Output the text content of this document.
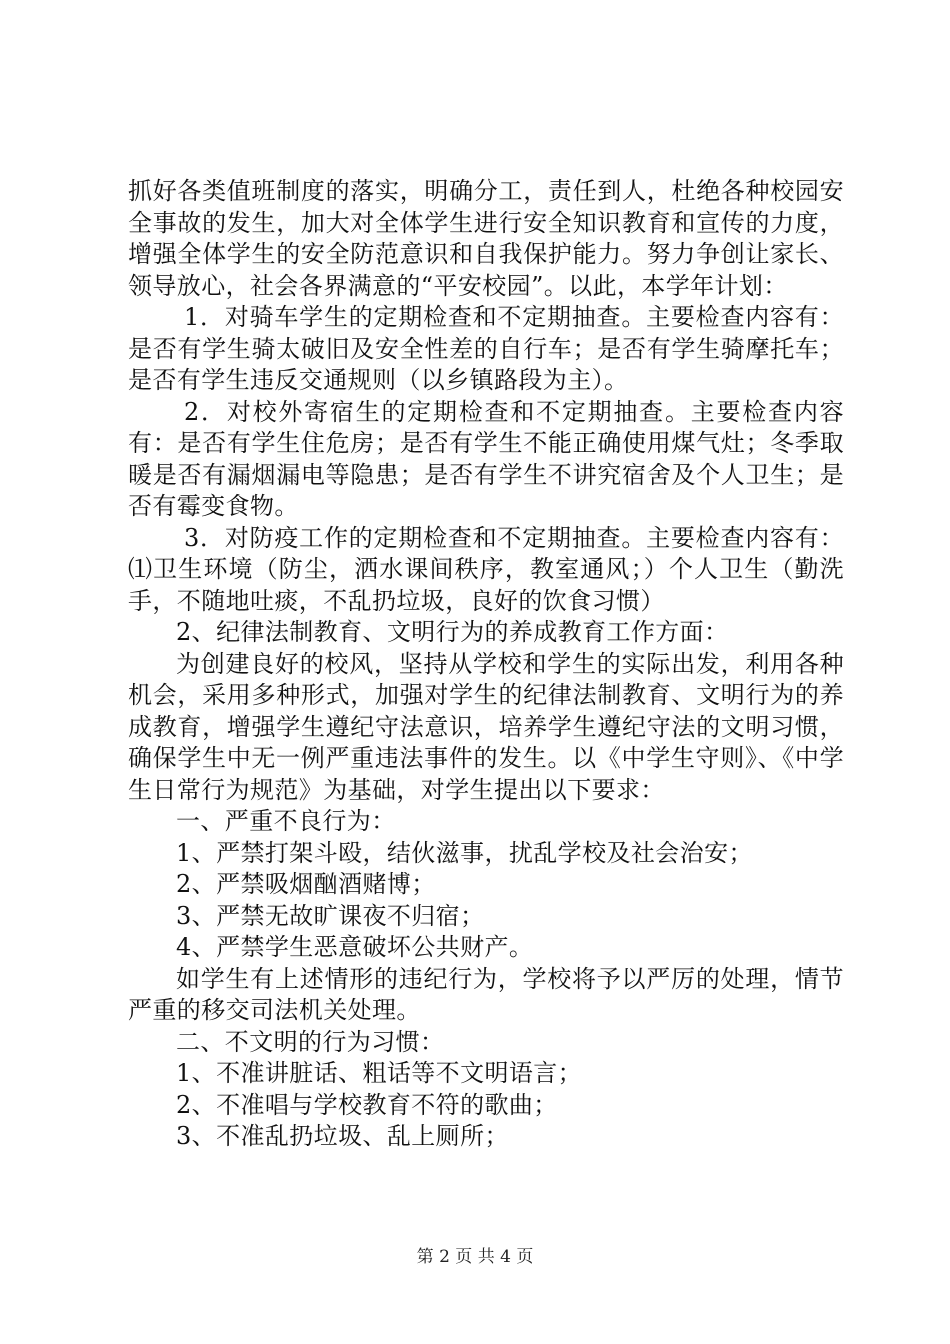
抓好各类值班制度的落实，明确分工，责任到人，杜绝各种校园安全事故的发生，加大对全体学生进行安全知识教育和宣传的力度，增强全体学生的安全防范意识和自我保护能力。努力争创让家长、领导放心，社会各界满意的“平安校园”。以此，本学年计划：

1．对骑车学生的定期检查和不定期抽查。主要检查内容有：是否有学生骑太破旧及安全性差的自行车；是否有学生骑摩托车；是否有学生违反交通规则（以乡镇路段为主）。

2．对校外寄宿生的定期检查和不定期抽查。主要检查内容有：是否有学生住危房；是否有学生不能正确使用煤气灶；冬季取暖是否有漏烟漏电等隐患；是否有学生不讲究宿舍及个人卫生；是否有霉变食物。

3．对防疫工作的定期检查和不定期抽查。主要检查内容有：⑴卫生环境（防尘，洒水课间秩序，教室通风；）个人卫生（勤洗手，不随地吐痰，不乱扔垃圾，良好的饮食习惯）

2、纪律法制教育、文明行为的养成教育工作方面：

为创建良好的校风，坚持从学校和学生的实际出发，利用各种机会，采用多种形式，加强对学生的纪律法制教育、文明行为的养成教育，增强学生遵纪守法意识，培养学生遵纪守法的文明习惯，确保学生中无一例严重违法事件的发生。以《中学生守则》、《中学生日常行为规范》为基础，对学生提出以下要求：

一、严重不良行为：

1、严禁打架斗殴，结伙滋事，扰乱学校及社会治安；

2、严禁吸烟酗酒赌博；

3、严禁无故旷课夜不归宿；

4、严禁学生恶意破坏公共财产。

如学生有上述情形的违纪行为，学校将予以严厉的处理，情节严重的移交司法机关处理。

二、不文明的行为习惯：

1、不准讲脏话、粗话等不文明语言；

2、不准唱与学校教育不符的歌曲；

3、不准乱扔垃圾、乱上厕所；

第 2 页 共 4 页
